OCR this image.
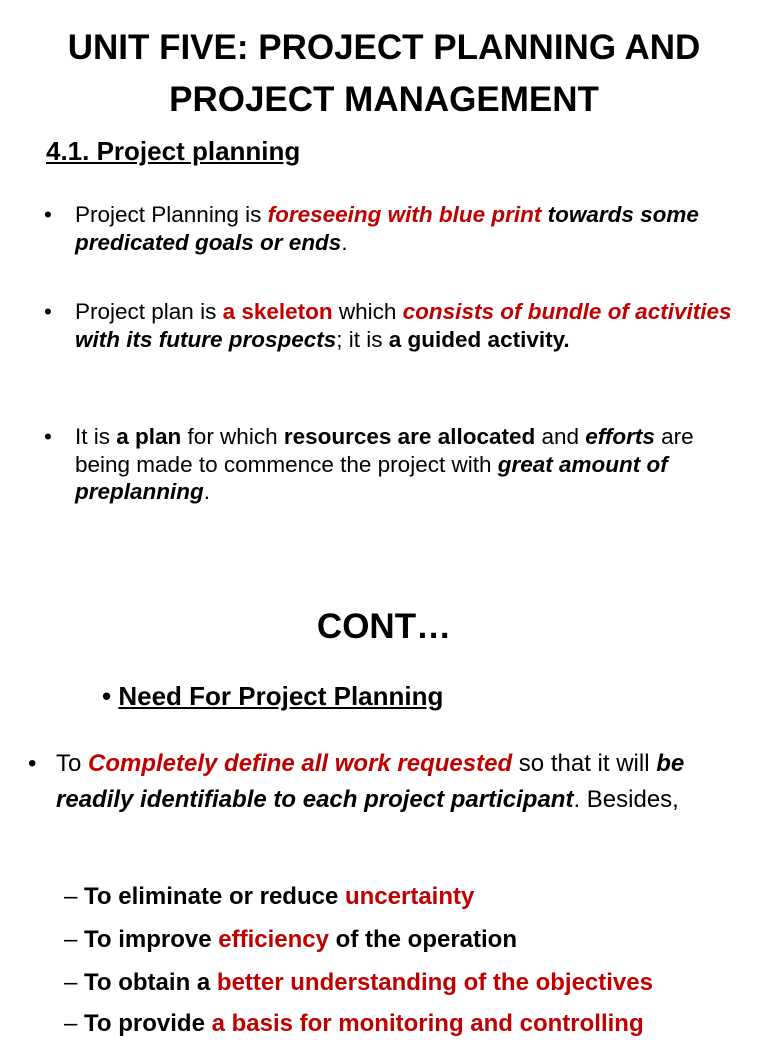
UNIT FIVE: PROJECT PLANNING AND
PROJECT MANAGEMENT
4.1. Project planning
• Project Planning is foreseeing with blue print towards some predicated goals or ends.
• Project plan is a skeleton which consists of bundle of activities with its future prospects; it is a guided activity.
• It is a plan for which resources are allocated and efforts are being made to commence the project with great amount of preplanning.
CONT…
• Need For Project Planning
• To Completely define all work requested so that it will be readily identifiable to each project participant. Besides,
– To eliminate or reduce uncertainty
– To improve efficiency of the operation
– To obtain a better understanding of the objectives
– To provide a basis for monitoring and controlling
